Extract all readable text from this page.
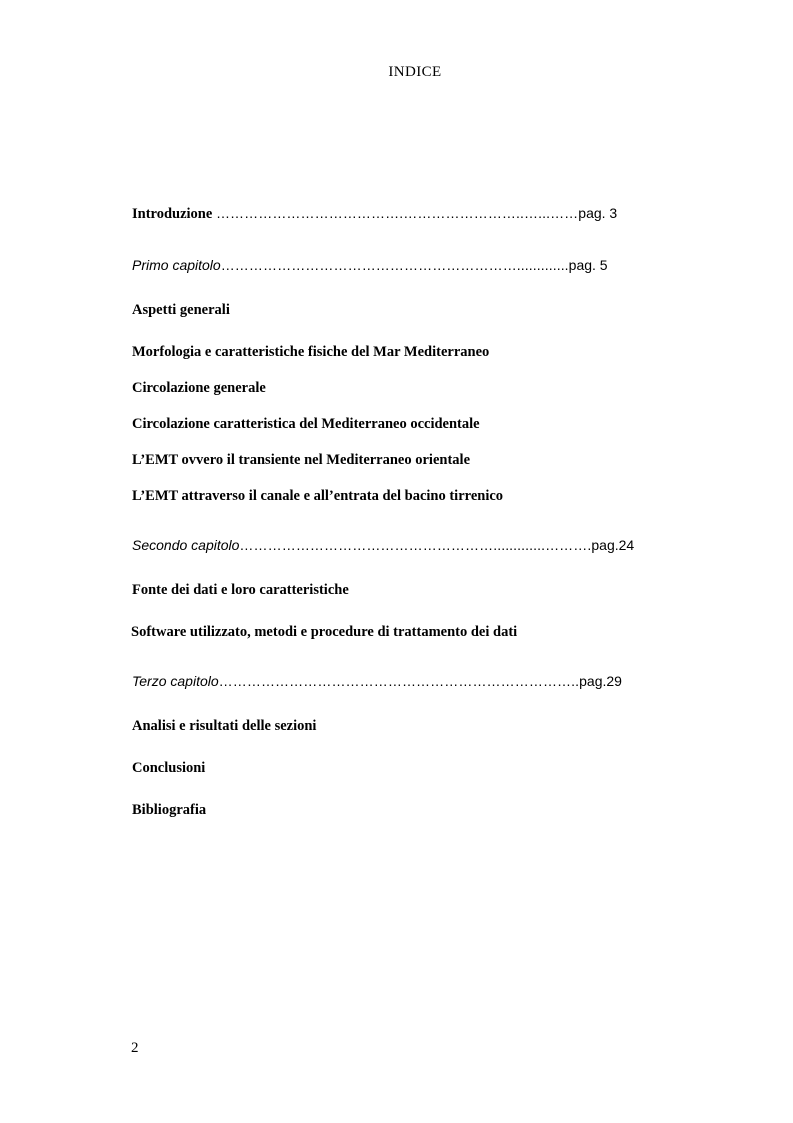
INDICE
Introduzione ………………………………….……………………..…...……pag. 3
Primo capitolo……………………………………………………….............pag. 5
Aspetti generali
Morfologia e caratteristiche fisiche del Mar Mediterraneo
Circolazione generale
Circolazione caratteristica del Mediterraneo occidentale
L’EMT ovvero il transiente nel Mediterraneo orientale
L’EMT attraverso il canale e all’entrata del bacino tirrenico
Secondo capitolo……………………………………………….............……….pag.24
Fonte dei dati e loro caratteristiche
Software utilizzato, metodi e procedure di trattamento dei dati
Terzo capitolo…………………………………………………………………..pag.29
Analisi e risultati delle sezioni
Conclusioni
Bibliografia
2
